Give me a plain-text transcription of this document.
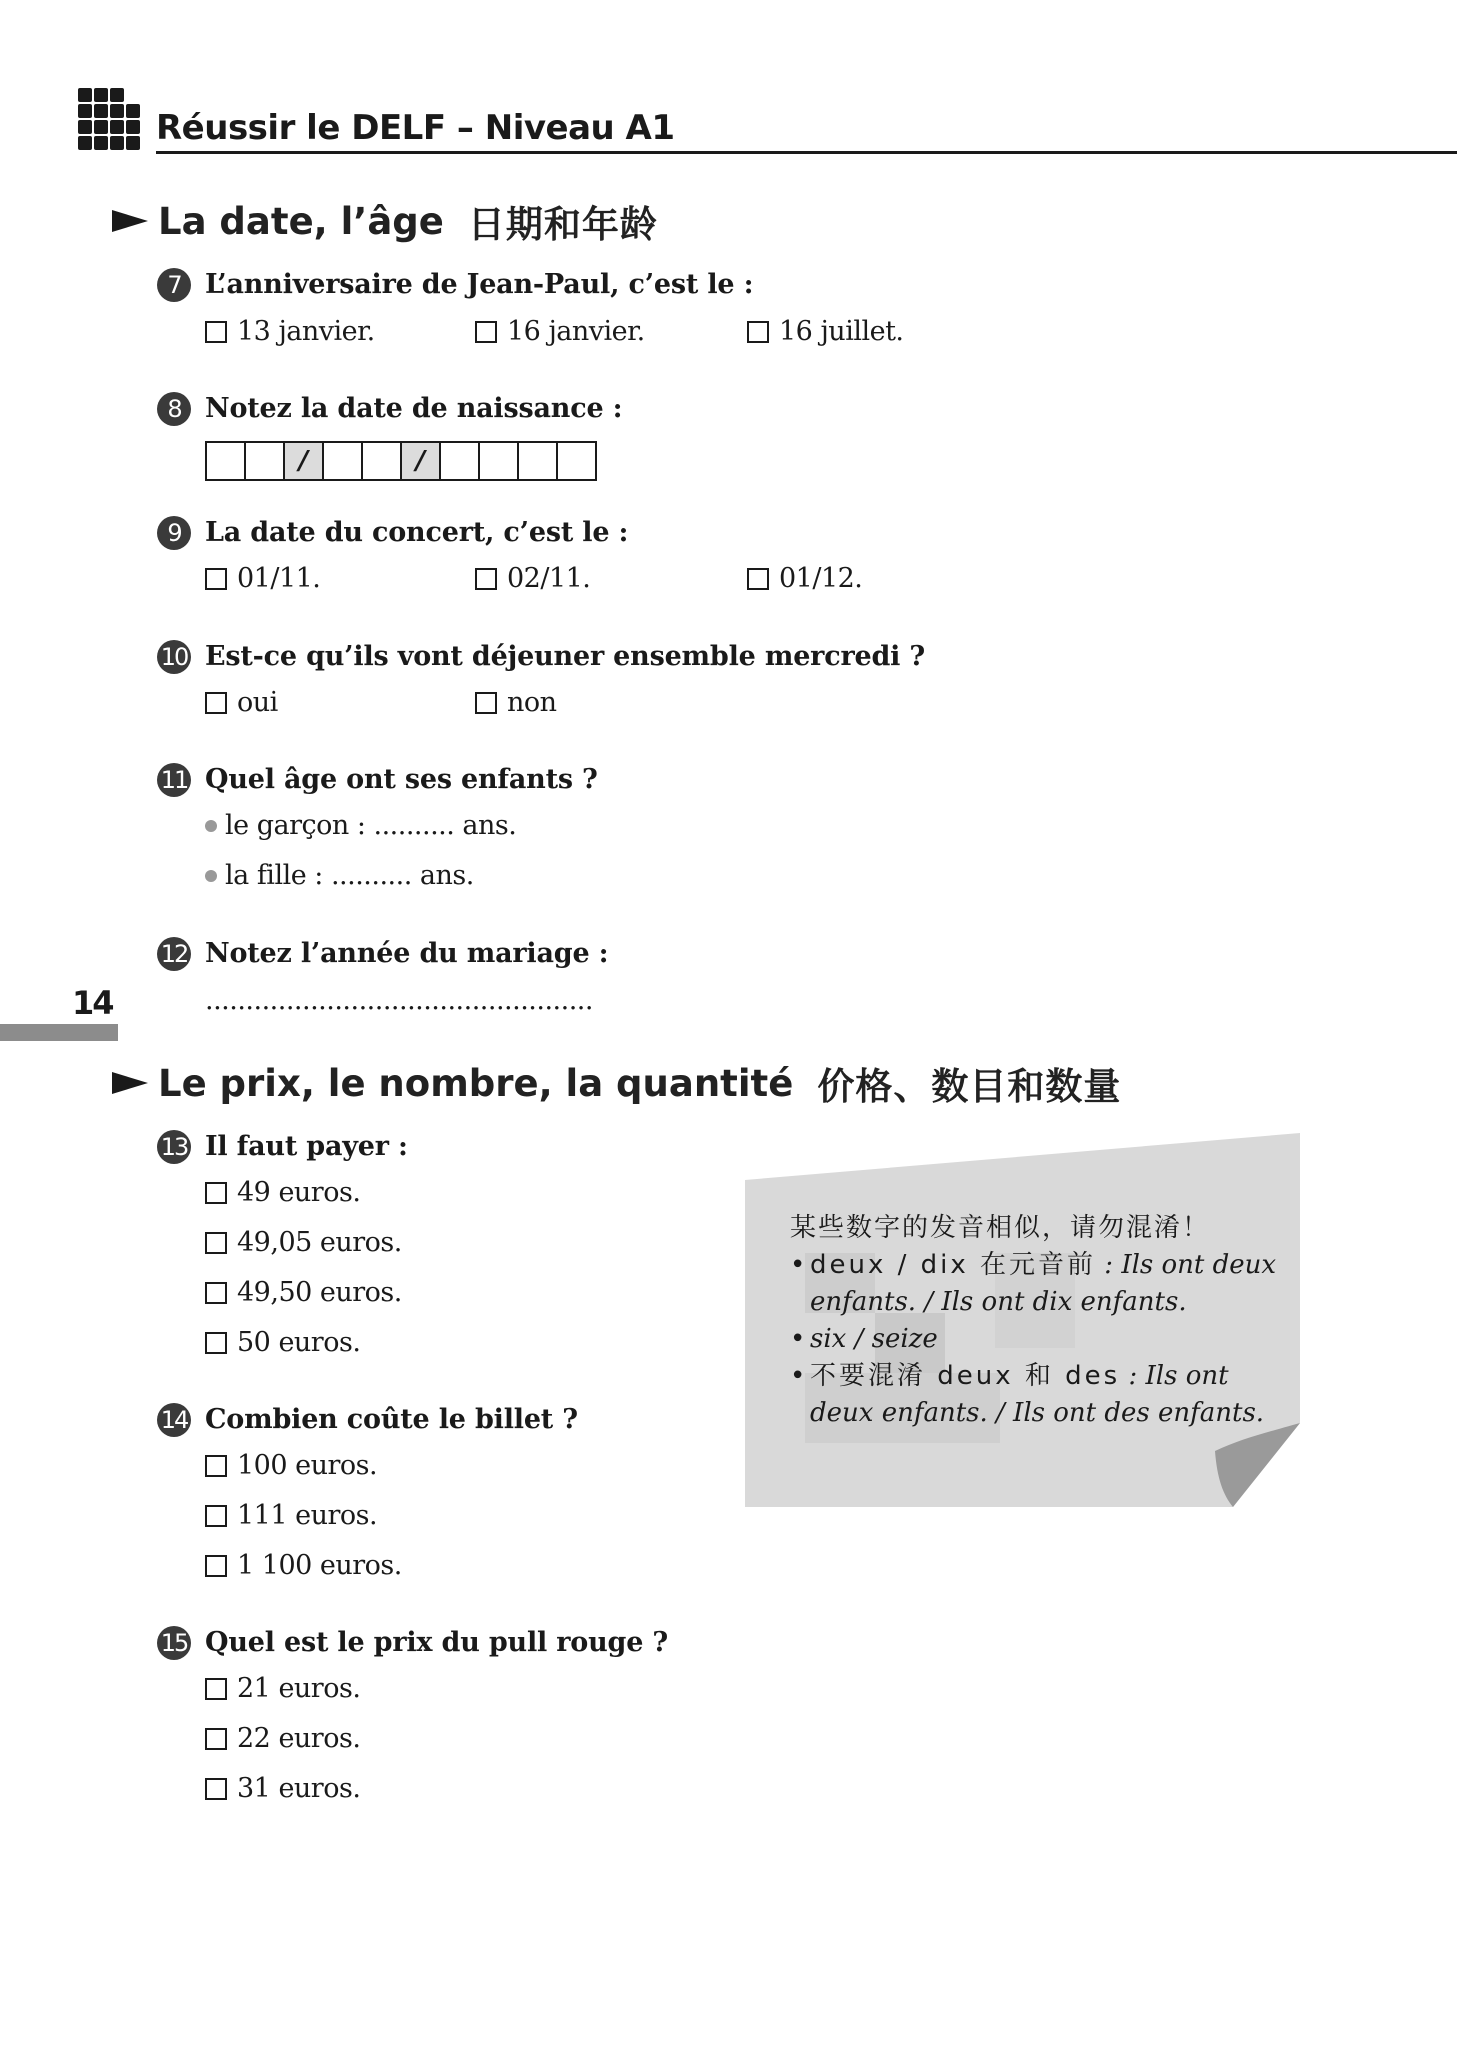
Réussir le DELF – Niveau A1
La date, l’âge 日期和年龄
7 L’anniversaire de Jean-Paul, c’est le :
13 janvier.	16 janvier.	16 juillet.
8 Notez la date de naissance :
/	/
9 La date du concert, c’est le :
01/11.	02/11.	01/12.
10 Est-ce qu’ils vont déjeuner ensemble mercredi ?
oui	non
11 Quel âge ont ses enfants ?
le garçon : .......... ans.
la fille : .......... ans.
12 Notez l’année du mariage :
................................................
14
Le prix, le nombre, la quantité 价格、数目和数量
13 Il faut payer :
49 euros.
49,05 euros.
49,50 euros.
50 euros.
14 Combien coûte le billet ?
100 euros.
111 euros.
1 100 euros.
15 Quel est le prix du pull rouge ?
21 euros.
22 euros.
31 euros.
某些数字的发音相似，请勿混淆！
• deux / dix 在元音前 : Ils ont deux enfants. / Ils ont dix enfants.
• six / seize
• 不要混淆 deux 和 des : Ils ont deux enfants. / Ils ont des enfants.
